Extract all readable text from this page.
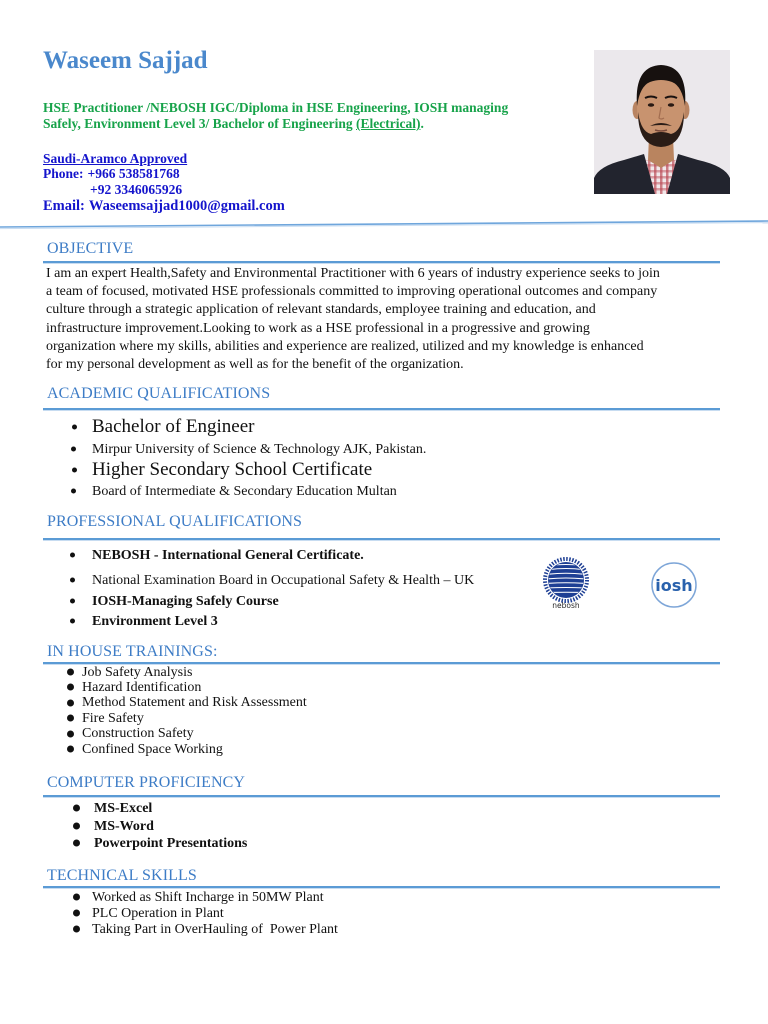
Waseem Sajjad
HSE Practitioner /NEBOSH IGC/Diploma in HSE Engineering, IOSH managing
Safely, Environment Level 3/ Bachelor of Engineering (Electrical).
Saudi-Aramco Approved
Phone: +966 538581768
+92 3346065926
Email: Waseemsajjad1000@gmail.com
OBJECTIVE
I am an expert Health,Safety and Environmental Practitioner with 6 years of industry experience seeks to join
a team of focused, motivated HSE professionals committed to improving operational outcomes and company
culture through a strategic application of relevant standards, employee training and education, and
infrastructure improvement.Looking to work as a HSE professional in a progressive and growing
organization where my skills, abilities and experience are realized, utilized and my knowledge is enhanced
for my personal development as well as for the benefit of the organization.
ACADEMIC QUALIFICATIONS
Bachelor of Engineer
Mirpur University of Science & Technology AJK, Pakistan.
Higher Secondary School Certificate
Board of Intermediate & Secondary Education Multan
PROFESSIONAL QUALIFICATIONS
NEBOSH - International General Certificate.
National Examination Board in Occupational Safety & Health – UK
IOSH-Managing Safely Course
Environment Level 3
nebosh
iosh
IN HOUSE TRAININGS:
Job Safety Analysis
Hazard Identification
Method Statement and Risk Assessment
Fire Safety
Construction Safety
Confined Space Working
COMPUTER PROFICIENCY
MS-Excel
MS-Word
Powerpoint Presentations
TECHNICAL SKILLS
Worked as Shift Incharge in 50MW Plant
PLC Operation in Plant
Taking Part in OverHauling of  Power Plant
